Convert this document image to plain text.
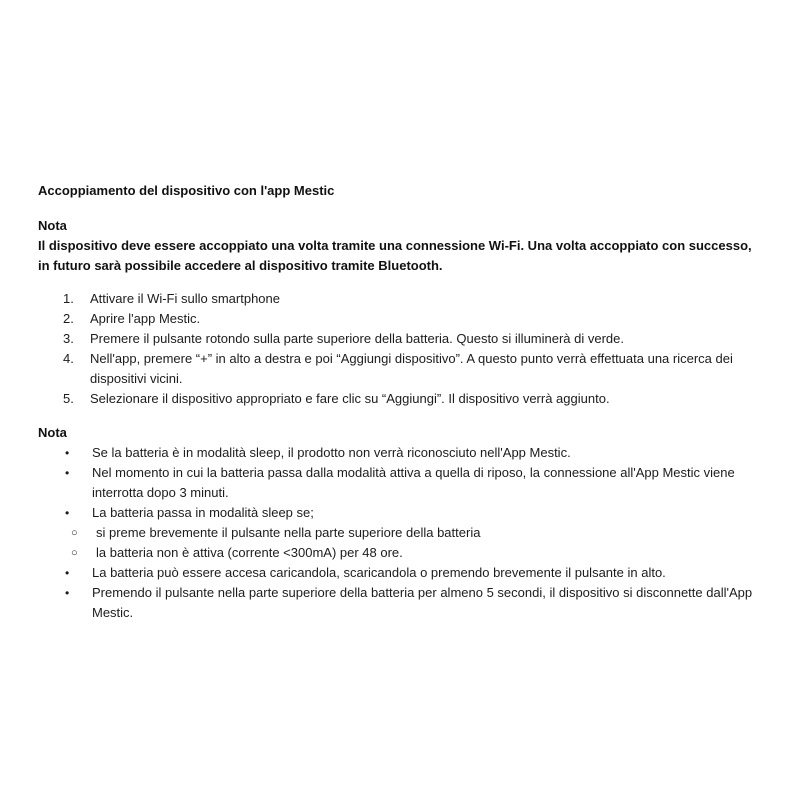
Accoppiamento del dispositivo con l'app Mestic

Nota

Il dispositivo deve essere accoppiato una volta tramite una connessione Wi-Fi. Una volta accoppiato con successo, in futuro sarà possibile accedere al dispositivo tramite Bluetooth.

1.	Attivare il Wi-Fi sullo smartphone
2.	Aprire l'app Mestic.
3.	Premere il pulsante rotondo sulla parte superiore della batteria. Questo si illuminerà di verde.
4.	Nell'app, premere “+” in alto a destra e poi “Aggiungi dispositivo”. A questo punto verrà effettuata una ricerca dei dispositivi vicini.
5.	Selezionare il dispositivo appropriato e fare clic su “Aggiungi”. Il dispositivo verrà aggiunto.

Nota

•	Se la batteria è in modalità sleep, il prodotto non verrà riconosciuto nell'App Mestic.
•	Nel momento in cui la batteria passa dalla modalità attiva a quella di riposo, la connessione all'App Mestic viene interrotta dopo 3 minuti.
•	La batteria passa in modalità sleep se;
○	si preme brevemente il pulsante nella parte superiore della batteria
○	la batteria non è attiva (corrente <300mA) per 48 ore.
•	La batteria può essere accesa caricandola, scaricandola o premendo brevemente il pulsante in alto.
•	Premendo il pulsante nella parte superiore della batteria per almeno 5 secondi, il dispositivo si disconnette dall'App Mestic.
